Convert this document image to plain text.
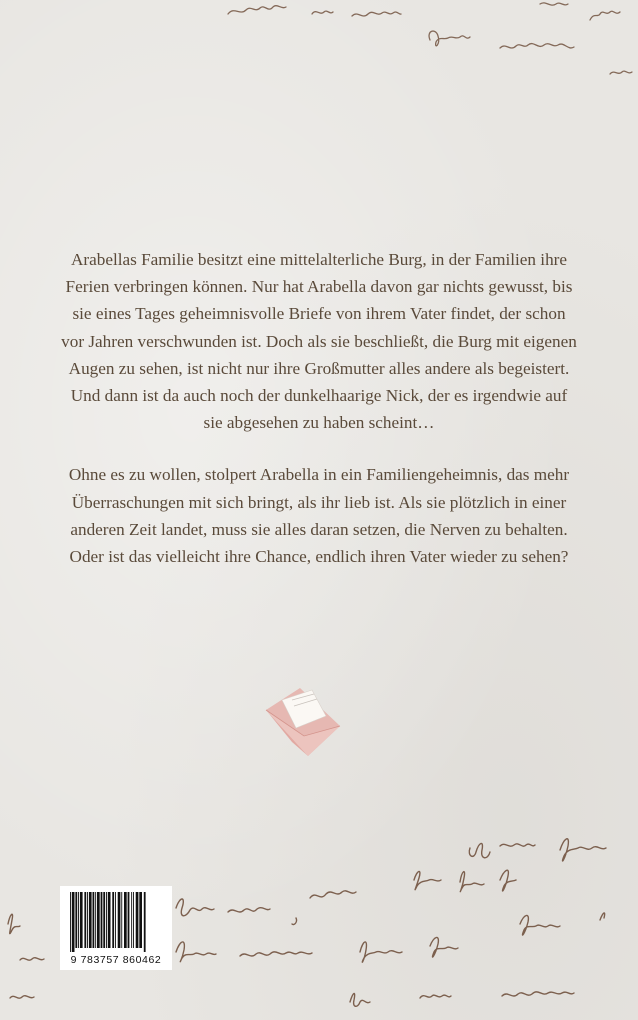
Arabellas Familie besitzt eine mittelalterliche Burg, in der Familien ihre Ferien verbringen können. Nur hat Arabella davon gar nichts gewusst, bis sie eines Tages geheimnisvolle Briefe von ihrem Vater findet, der schon vor Jahren verschwunden ist. Doch als sie beschließt, die Burg mit eigenen Augen zu sehen, ist nicht nur ihre Großmutter alles andere als begeistert. Und dann ist da auch noch der dunkelhaarige Nick, der es irgendwie auf sie abgesehen zu haben scheint…

Ohne es zu wollen, stolpert Arabella in ein Familiengeheimnis, das mehr Überraschungen mit sich bringt, als ihr lieb ist. Als sie plötzlich in einer anderen Zeit landet, muss sie alles daran setzen, die Nerven zu behalten. Oder ist das vielleicht ihre Chance, endlich ihren Vater wieder zu sehen?

9 783757 860462
